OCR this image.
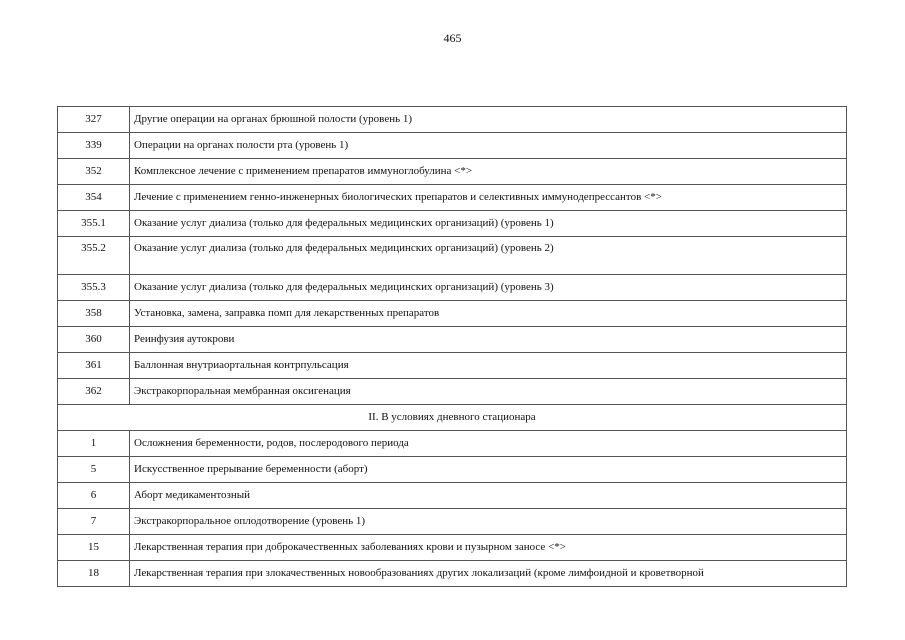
465
327	Другие операции на органах брюшной полости (уровень 1)
339	Операции на органах полости рта (уровень 1)
352	Комплексное лечение с применением препаратов иммуноглобулина <*>
354	Лечение с применением генно-инженерных биологических препаратов и селективных иммунодепрессантов <*>
355.1	Оказание услуг диализа (только для федеральных медицинских организаций) (уровень 1)
355.2	Оказание услуг диализа (только для федеральных медицинских организаций) (уровень 2)
355.3	Оказание услуг диализа (только для федеральных медицинских организаций) (уровень 3)
358	Установка, замена, заправка помп для лекарственных препаратов
360	Реинфузия аутокрови
361	Баллонная внутриаортальная контрпульсация
362	Экстракорпоральная мембранная оксигенация
II. В условиях дневного стационара	
1	Осложнения беременности, родов, послеродового периода
5	Искусственное прерывание беременности (аборт)
6	Аборт медикаментозный
7	Экстракорпоральное оплодотворение (уровень 1)
15	Лекарственная терапия при доброкачественных заболеваниях крови и пузырном заносе <*>
18	Лекарственная терапия при злокачественных новообразованиях других локализаций (кроме лимфоидной и кроветворной
